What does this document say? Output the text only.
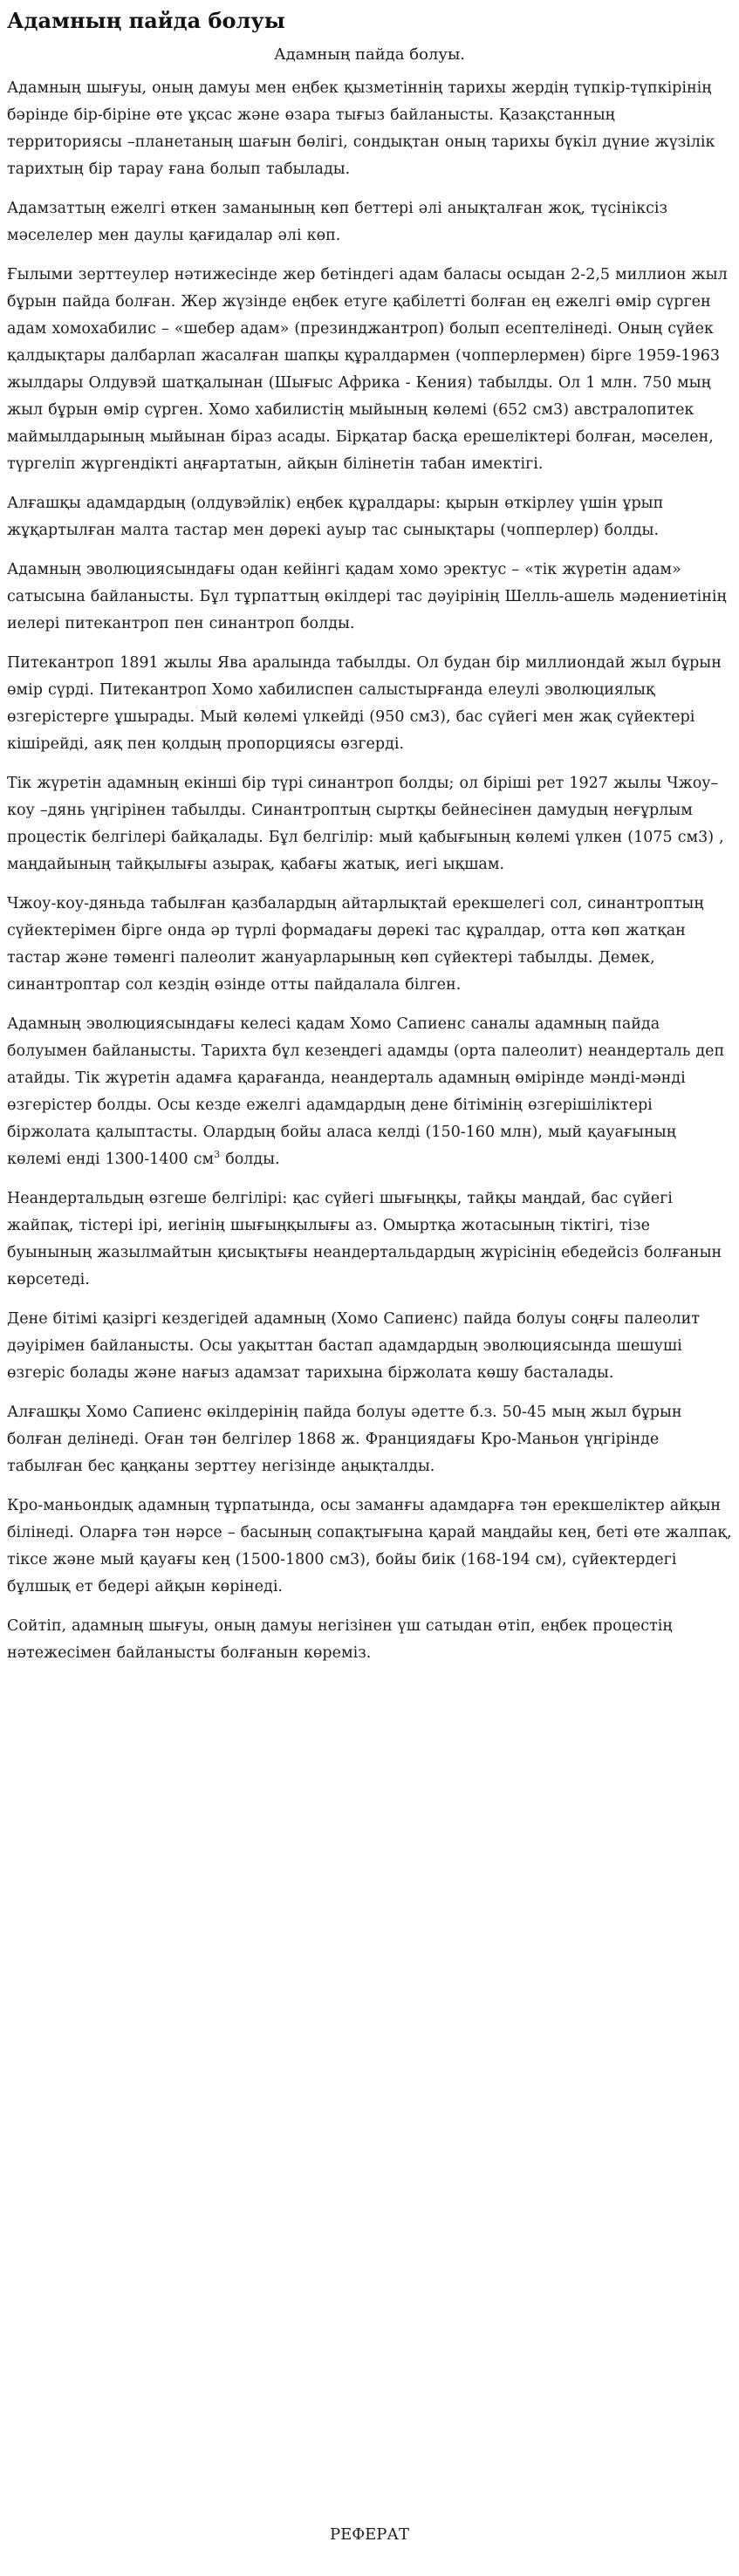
Адамның пайда болуы
Адамның пайда болуы.

Адамның шығуы, оның дамуы мен еңбек қызметіннің тарихы жердің түпкір-түпкірінің бәрінде бір-біріне өте ұқсас және өзара тығыз байланысты. Қазақстанның территориясы –планетаның шағын бөлігі, сондықтан оның тарихы бүкіл дүние жүзілік тарихтың бір тарау ғана болып табылады.

Адамзаттың ежелгі өткен заманының көп беттері әлі анықталған жоқ, түсініксіз мәселелер мен даулы қағидалар әлі көп.

Ғылыми зерттеулер нәтижесінде жер бетіндегі адам баласы осыдан 2-2,5 миллион жыл бұрын пайда болған. Жер жүзінде еңбек етуге қабілетті болған ең ежелгі өмір сүрген адам хомохабилис – «шебер адам» (презинджантроп) болып есептелінеді. Оның сүйек қалдықтары далбарлап жасалған шапқы құралдармен (чопперлермен) бірге 1959-1963 жылдары Олдувэй шатқалынан (Шығыс Африка - Кения) табылды. Ол 1 млн. 750 мың жыл бұрын өмір сүрген. Хомо хабилистің мыйының көлемі (652 см3) австралопитек маймылдарының мыйынан біраз асады. Бірқатар басқа ерешеліктері болған, мәселен, түргеліп жүргендікті аңғартатын, айқын білінетін табан имектігі.

Алғашқы адамдардың (олдувэйлік) еңбек құралдары: қырын өткірлеу үшін ұрып жұқартылған малта тастар мен дөрекі ауыр тас сынықтары (чопперлер) болды.

Адамның эволюциясындағы одан кейінгі қадам хомо эректус – «тік жүретін адам» сатысына байланысты. Бұл тұрпаттың өкілдері тас дәуірінің Шелль-ашель мәдениетінің иелері питекантроп пен синантроп болды.

Питекантроп 1891 жылы Ява аралында табылды. Ол будан бір миллиондай жыл бұрын өмір сүрді. Питекантроп Хомо хабилиспен салыстырғанда елеулі эволюциялық өзгерістерге ұшырады. Мый көлемі үлкейді (950 см3), бас сүйегі мен жақ сүйектері кішірейді, аяқ пен қолдың пропорциясы өзгерді.

Тік жүретін адамның екінші бір түрі синантроп болды; ол біріші рет 1927 жылы Чжоу–коу –дянь үңгірінен табылды. Синантроптың сыртқы бейнесінен дамудың неғұрлым процестік белгілері байқалады. Бұл белгілір: мый қабығының көлемі үлкен (1075 см3) , маңдайының тайқылығы азырақ, қабағы жатық, иегі ықшам.

Чжоу-коу-дяньда табылған қазбалардың айтарлықтай ерекшелегі сол, синантроптың сүйектерімен бірге онда әр түрлі формадағы дөрекі тас құралдар, отта көп жатқан тастар және төменгі палеолит жануарларының көп сүйектері табылды. Демек, синантроптар сол кездің өзінде отты пайдалала білген.

Адамның эволюциясындағы келесі қадам Хомо Сапиенс саналы адамның пайда болуымен байланысты. Тарихта бұл кезеңдегі адамды (орта палеолит) неандерталь деп атайды. Тік жүретін адамға қарағанда, неандерталь адамның өмірінде мәнді-мәнді өзгерістер болды. Осы кезде ежелгі адамдардың дене бітімінің өзгерішіліктері біржолата қалыптасты. Олардың бойы аласа келді (150-160 млн), мый қауағының көлемі енді 1300-1400 $см^3$ болды.

Неандертальдың өзгеше белгілірі: қас сүйегі шығыңқы, тайқы маңдай, бас сүйегі жайпақ, тістері ірі, иегінің шығыңқылығы аз. Омыртқа жотасының тіктігі, тізе буынының жазылмайтын қисықтығы неандертальдардың жүрісінің ебедейсіз болғанын көрсетеді.

Дене бітімі қазіргі кездегідей адамның (Хомо Сапиенс) пайда болуы соңғы палеолит дәуірімен байланысты. Осы уақыттан бастап адамдардың эволюциясында шешуші өзгеріс болады және нағыз адамзат тарихына біржолата көшу басталады.

Алғашқы Хомо Сапиенс өкілдерінің пайда болуы әдетте б.з. 50-45 мың жыл бұрын болған делінеді. Оған тән белгілер 1868 ж. Франциядағы Кро-Маньон үңгірінде табылған бес қаңқаны зерттеу негізінде аңықталды.

Кро-маньондық адамның тұрпатында, осы заманғы адамдарға тән ерекшеліктер айқын білінеді. Оларға тән нәрсе – басының сопақтығына қарай маңдайы кең, беті өте жалпақ, тіксе және мый қауағы кең (1500-1800 см3), бойы биік (168-194 см), сүйектердегі бұлшық ет бедері айқын көрінеді.

Сойтіп, адамның шығуы, оның дамуы негізінен үш сатыдан өтіп, еңбек процестің нәтежесімен байланысты болғанын көреміз.

РЕФЕРАТ
